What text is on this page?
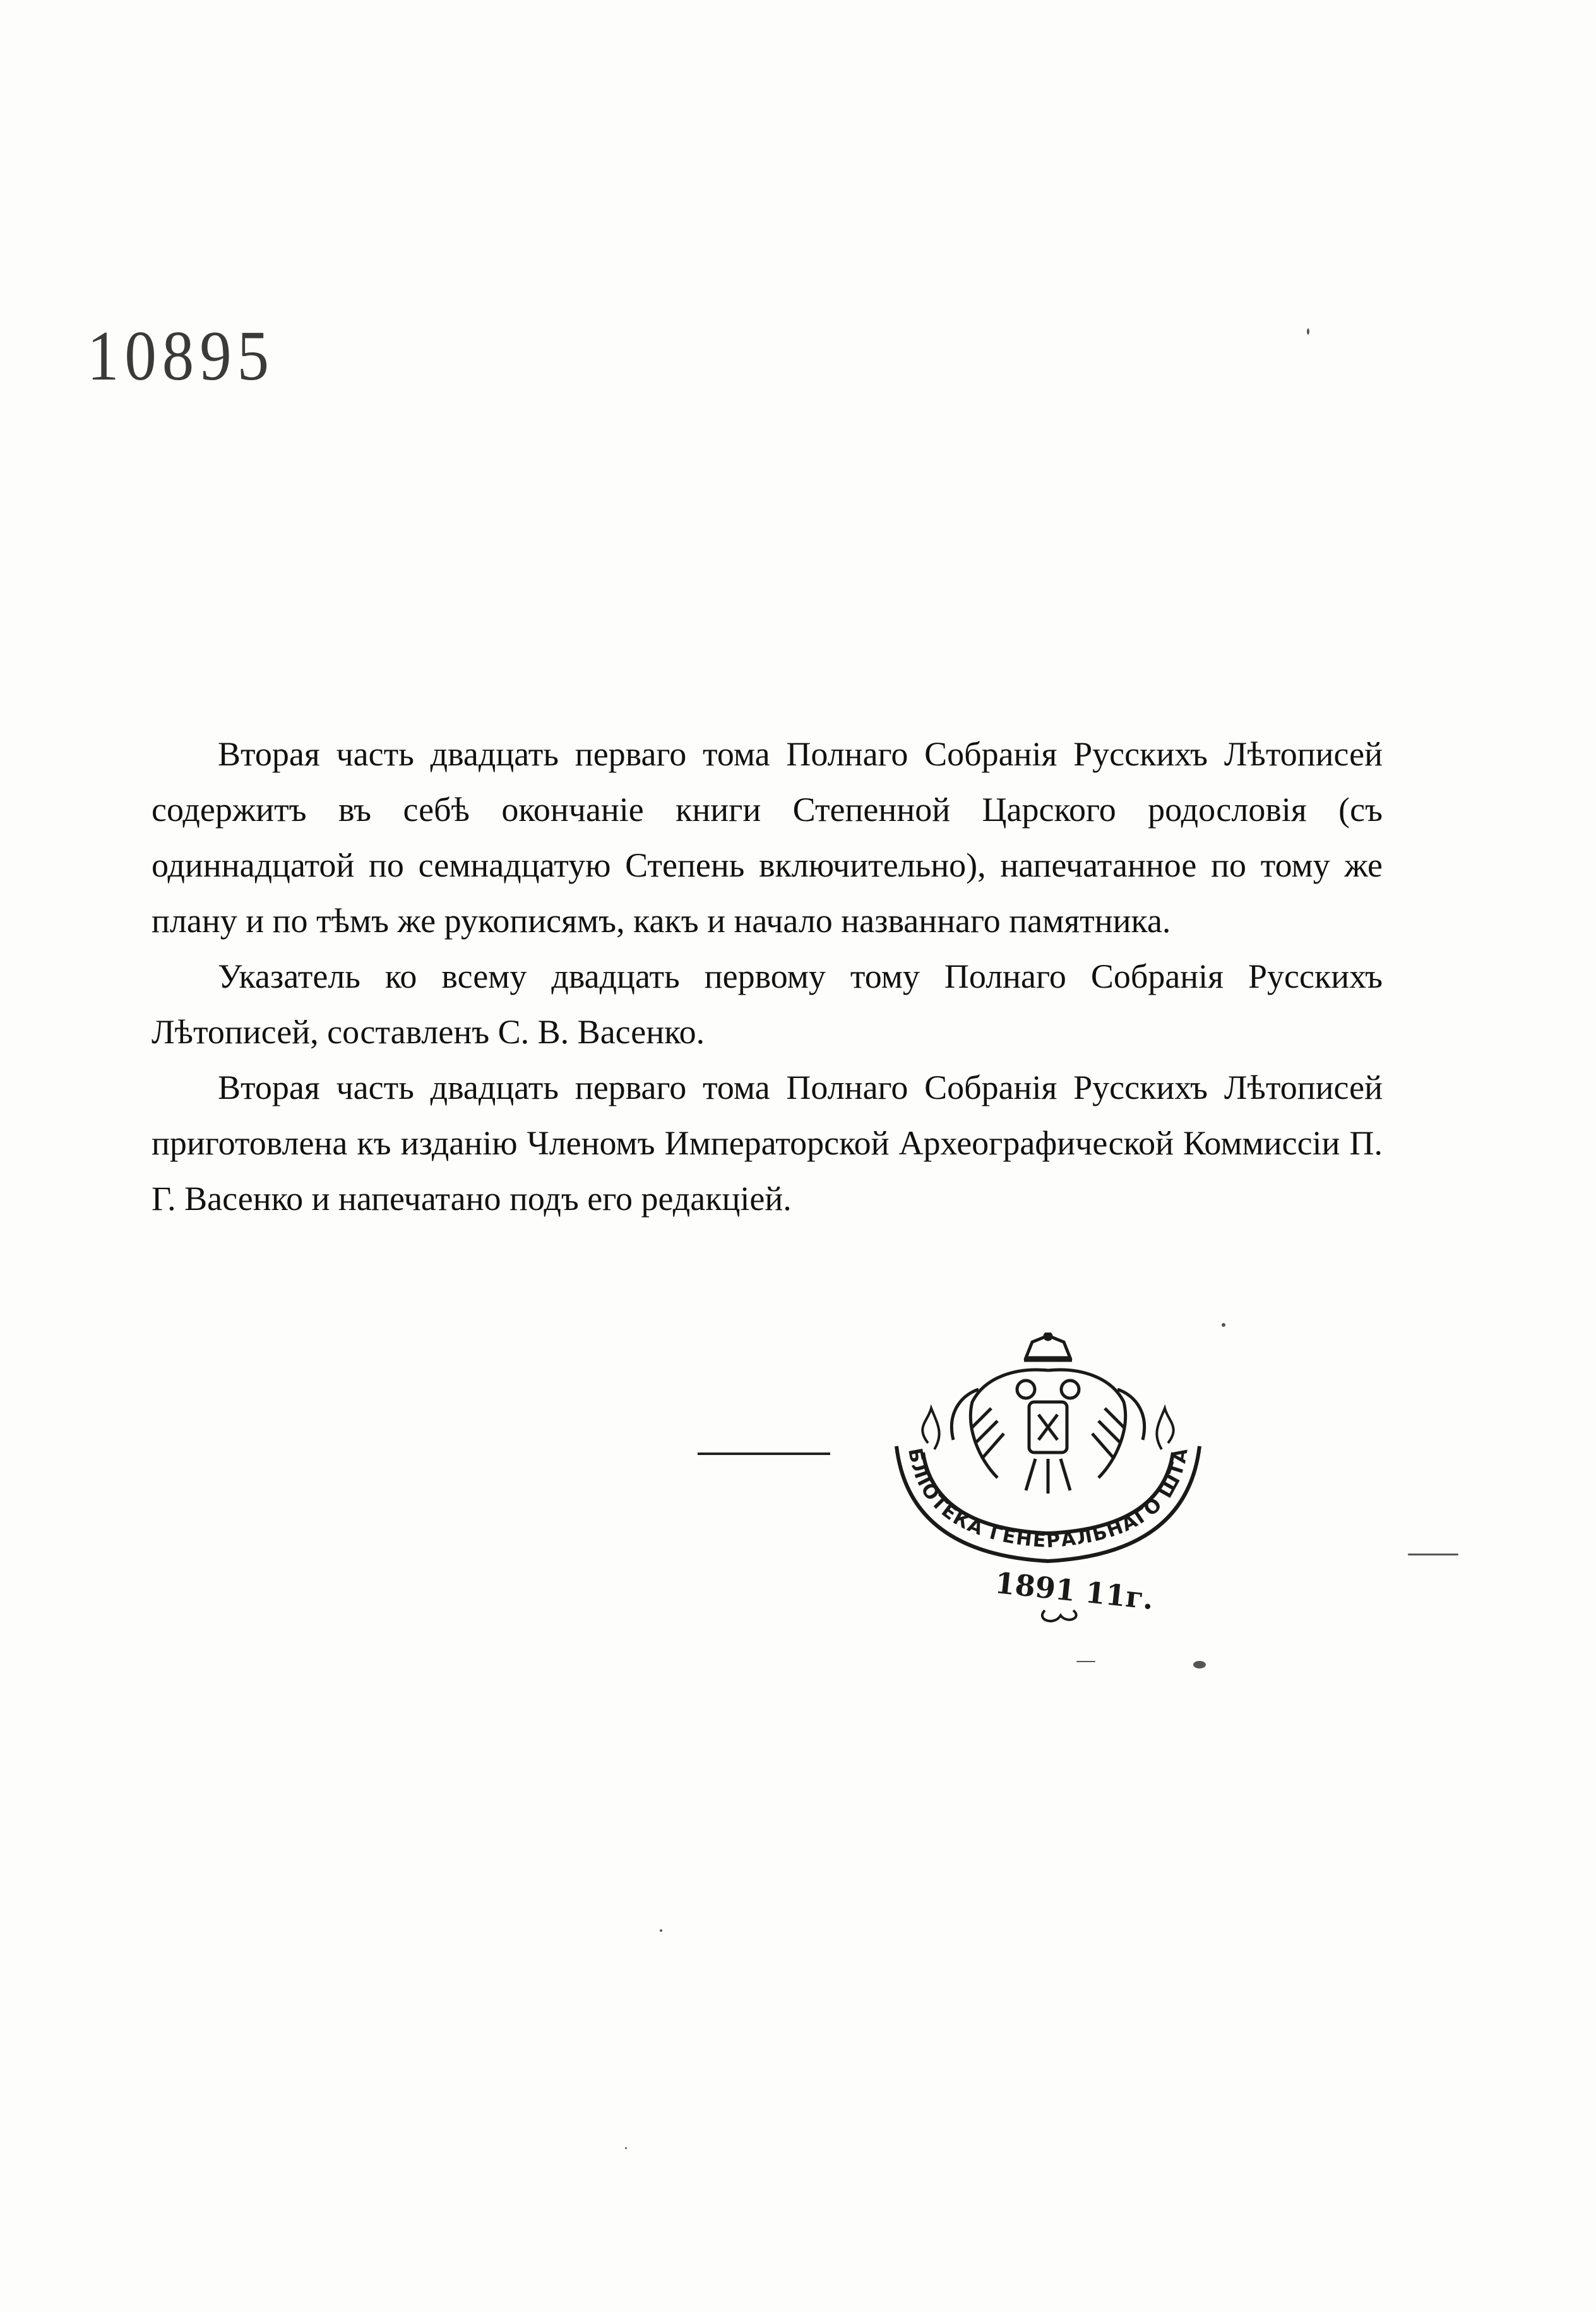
10895

Вторая часть двадцать перваго тома Полнаго Собранія Русскихъ Лѣтописей содержитъ въ себѣ окончаніе книги Степенной Царского родословія (съ одиннадцатой по семнадцатую Степень включительно), напечатанное по тому же плану и по тѣмъ же рукописямъ, какъ и начало названнаго памятника.

Указатель ко всему двадцать первому тому Полнаго Собранія Русскихъ Лѣтописей, составленъ С. В. Васенко.

Вторая часть двадцать перваго тома Полнаго Собранія Русскихъ Лѣтописей приготовлена къ изданію Членомъ Императорской Археографической Коммиссіи П. Г. Васенко и напечатано подъ его редакціей.

БЛІОТЕКА ГЕНЕРАЛЬНАГО ШТА
1891 11г.
